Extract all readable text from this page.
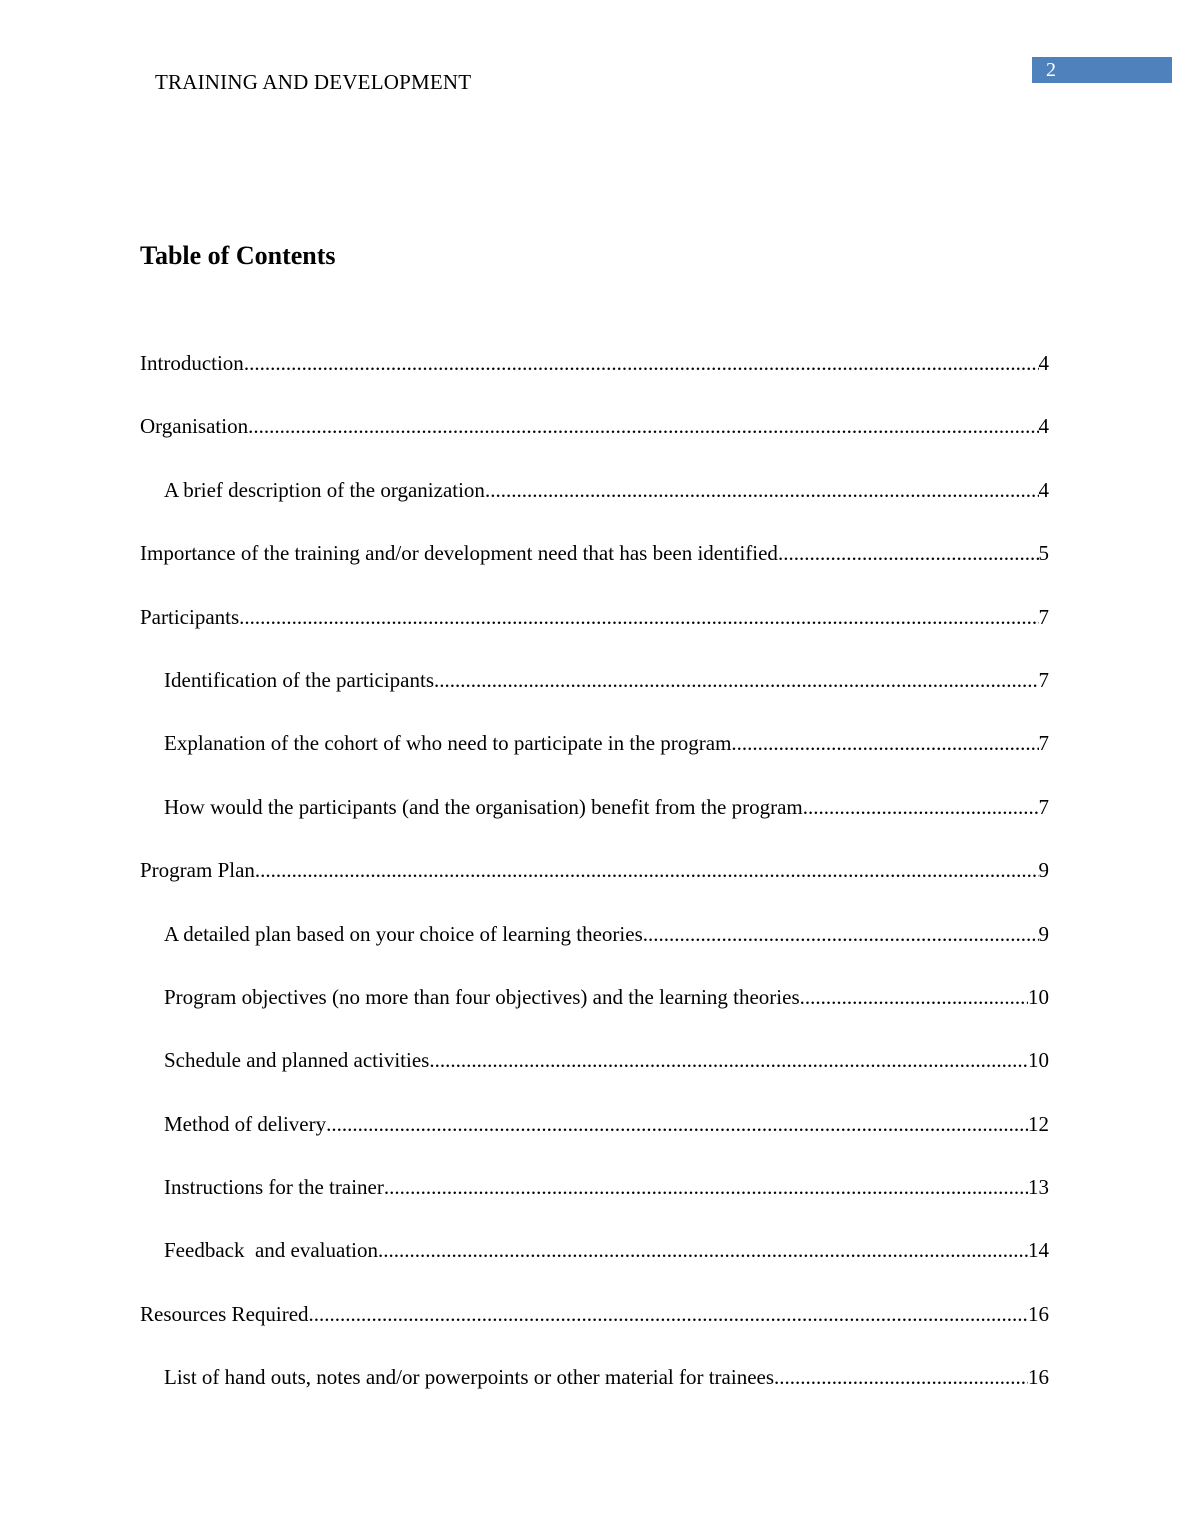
TRAINING AND DEVELOPMENT	2
Table of Contents
Introduction .....	4
Organisation .....	4
A brief description of the organization .....	4
Importance of the training and/or development need that has been identified .....	5
Participants .....	7
Identification of the participants .....	7
Explanation of the cohort of who need to participate in the program .....	7
How would the participants (and the organisation) benefit from the program .....	7
Program Plan .....	9
A detailed plan based on your choice of learning theories .....	9
Program objectives (no more than four objectives) and the learning theories .....	10
Schedule and planned activities .....	10
Method of delivery .....	12
Instructions for the trainer .....	13
Feedback  and evaluation .....	14
Resources Required .....	16
List of hand outs, notes and/or powerpoints or other material for trainees .....	16
